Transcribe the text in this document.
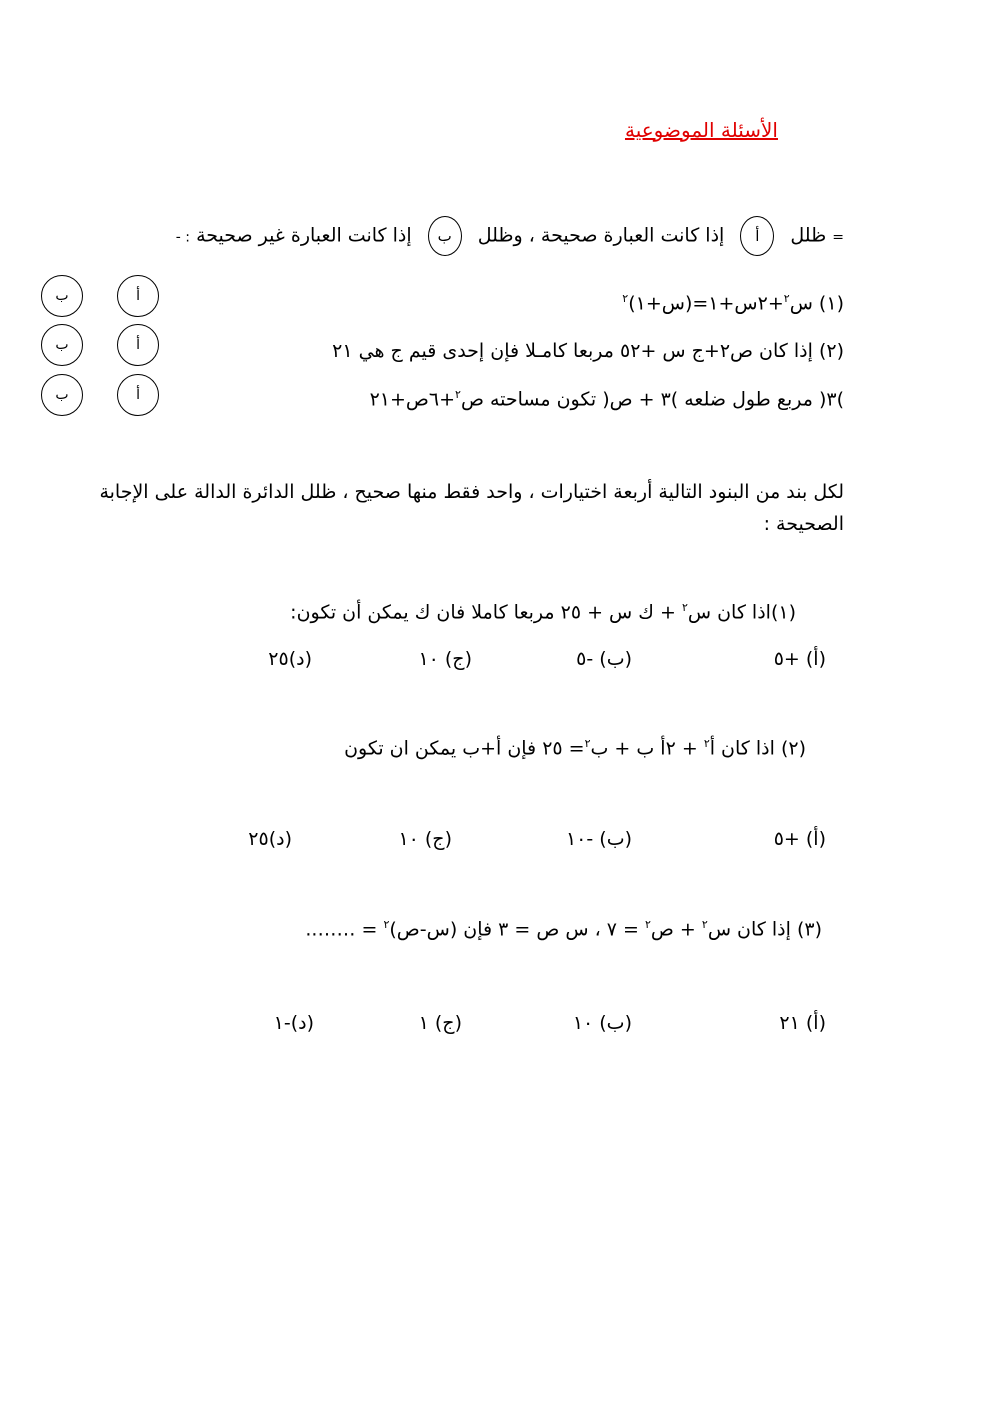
الأسئلة الموضوعية
= ظلل أ إذا كانت العبارة صحيحة ، وظلل ب إذا كانت العبارة غير صحيحة : -
(١) س$^٢$+٢س+١=(س+١)$^٢$
أ
ب
(٢) إذا كان ص٢+ج س +٥٢ مربعا كامـلا فإن إحدى قيم ج هي ٢١
أ
ب
)٣( مربع طول ضلعه )٣ + ص( تكون مساحته ص$^٢$+٦ص+٢١
أ
ب
لكل بند من البنود التالية أربعة اختيارات ، واحد فقط منها صحيح ، ظلل الدائرة الدالة على الإجابة الصحيحة :
(١)اذا كان س$^٢$ + ك س + ٢٥ مربعا كاملا فان ك يمكن أن تكون:
(أ) +٥
(ب) -٥
(ج) ١٠
(د)٢٥
(٢) اذا كان أ$^٢$ + ٢أ ب + ب$^٢$= ٢٥ فإن أ+ب يمكن ان تكون
(أ) +٥
(ب) -١٠
(ج) ١٠
(د)٢٥
(٣) إذا كان س$^٢$ + ص$^٢$ = ٧ ، س ص = ٣ فإن (س-ص)$^٢$ = ……..
(أ) ٢١
(ب) ١٠
(ج) ١
(د)-١
